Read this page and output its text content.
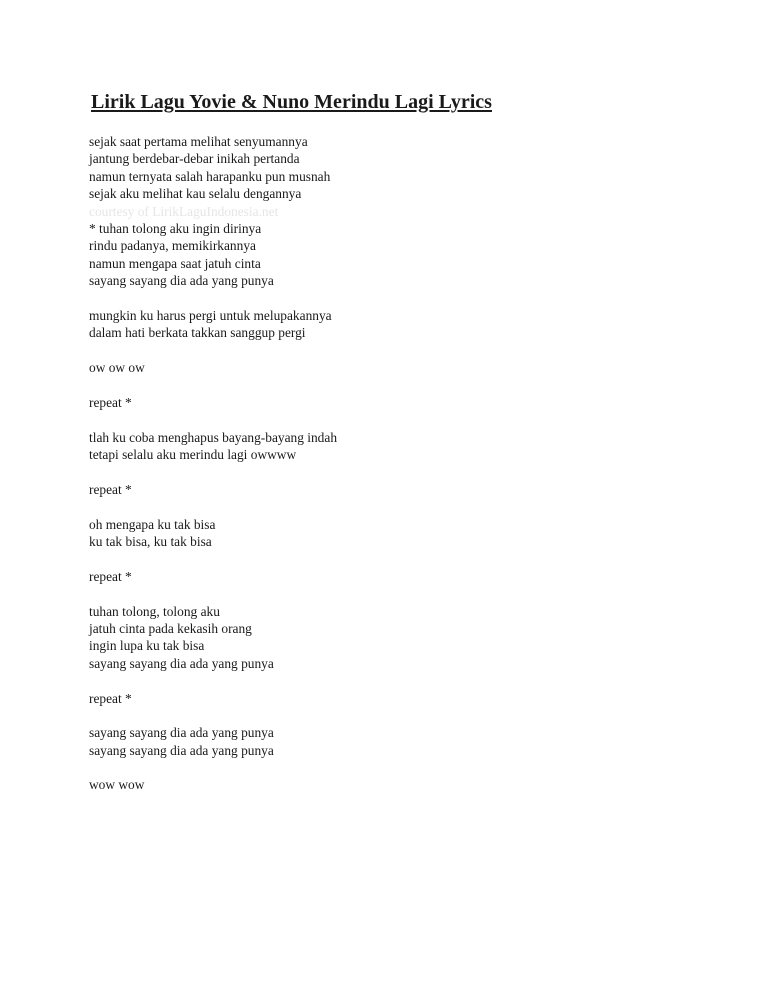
Lirik Lagu Yovie & Nuno Merindu Lagi Lyrics
sejak saat pertama melihat senyumannya
jantung berdebar-debar inikah pertanda
namun ternyata salah harapanku pun musnah
sejak aku melihat kau selalu dengannya
courtesy of LirikLaguIndonesia.net
* tuhan tolong aku ingin dirinya
rindu padanya, memikirkannya
namun mengapa saat jatuh cinta
sayang sayang dia ada yang punya
mungkin ku harus pergi untuk melupakannya
dalam hati berkata takkan sanggup pergi
ow ow ow
repeat *
tlah ku coba menghapus bayang-bayang indah
tetapi selalu aku merindu lagi owwww
repeat *
oh mengapa ku tak bisa
ku tak bisa, ku tak bisa
repeat *
tuhan tolong, tolong aku
jatuh cinta pada kekasih orang
ingin lupa ku tak bisa
sayang sayang dia ada yang punya
repeat *
sayang sayang dia ada yang punya
sayang sayang dia ada yang punya
wow wow
